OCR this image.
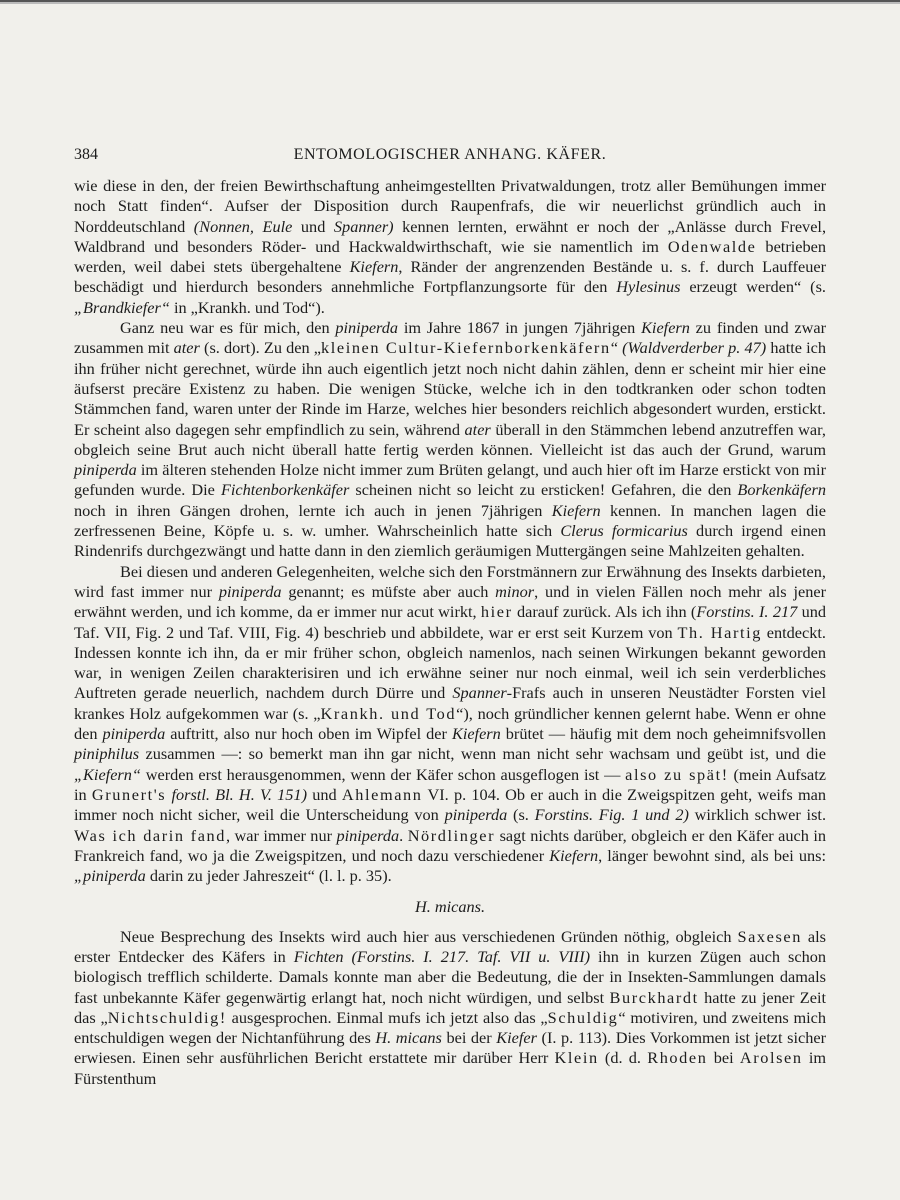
384	ENTOMOLOGISCHER ANHANG. KÄFER.

wie diese in den, der freien Bewirthschaftung anheimgestellten Privatwaldungen, trotz aller Bemühungen immer noch Statt finden“. Aufser der Disposition durch Raupenfrafs, die wir neuerlichst gründlich auch in Norddeutschland (Nonnen, Eule und Spanner) kennen lernten, erwähnt er noch der „Anlässe durch Frevel, Waldbrand und besonders Röder- und Hackwaldwirthschaft, wie sie namentlich im Odenwalde betrieben werden, weil dabei stets übergehaltene Kiefern, Ränder der angrenzenden Bestände u. s. f. durch Lauffeuer beschädigt und hierdurch besonders annehmliche Fortpflanzungsorte für den Hylesinus erzeugt werden“ (s. „Brandkiefer“ in „Krankh. und Tod“).

Ganz neu war es für mich, den piniperda im Jahre 1867 in jungen 7jährigen Kiefern zu finden und zwar zusammen mit ater (s. dort). Zu den „kleinen Cultur-Kiefernborkenkäfern“ (Waldverderber p. 47) hatte ich ihn früher nicht gerechnet, würde ihn auch eigentlich jetzt noch nicht dahin zählen, denn er scheint mir hier eine äufserst precäre Existenz zu haben. Die wenigen Stücke, welche ich in den todtkranken oder schon todten Stämmchen fand, waren unter der Rinde im Harze, welches hier besonders reichlich abgesondert wurden, erstickt. Er scheint also dagegen sehr empfindlich zu sein, während ater überall in den Stämmchen lebend anzutreffen war, obgleich seine Brut auch nicht überall hatte fertig werden können. Vielleicht ist das auch der Grund, warum piniperda im älteren stehenden Holze nicht immer zum Brüten gelangt, und auch hier oft im Harze erstickt von mir gefunden wurde. Die Fichtenborkenkäfer scheinen nicht so leicht zu ersticken! Gefahren, die den Borkenkäfern noch in ihren Gängen drohen, lernte ich auch in jenen 7jährigen Kiefern kennen. In manchen lagen die zerfressenen Beine, Köpfe u. s. w. umher. Wahrscheinlich hatte sich Clerus formicarius durch irgend einen Rindenrifs durchgezwängt und hatte dann in den ziemlich geräumigen Muttergängen seine Mahlzeiten gehalten.

Bei diesen und anderen Gelegenheiten, welche sich den Forstmännern zur Erwähnung des Insekts darbieten, wird fast immer nur piniperda genannt; es müfste aber auch minor, und in vielen Fällen noch mehr als jener erwähnt werden, und ich komme, da er immer nur acut wirkt, hier darauf zurück. Als ich ihn (Forstins. I. 217 und Taf. VII, Fig. 2 und Taf. VIII, Fig. 4) beschrieb und abbildete, war er erst seit Kurzem von Th. Hartig entdeckt. Indessen konnte ich ihn, da er mir früher schon, obgleich namenlos, nach seinen Wirkungen bekannt geworden war, in wenigen Zeilen charakterisiren und ich erwähne seiner nur noch einmal, weil ich sein verderbliches Auftreten gerade neuerlich, nachdem durch Dürre und Spanner-Frafs auch in unseren Neustädter Forsten viel krankes Holz aufgekommen war (s. „Krankh. und Tod“), noch gründlicher kennen gelernt habe. Wenn er ohne den piniperda auftritt, also nur hoch oben im Wipfel der Kiefern brütet — häufig mit dem noch geheimnifsvollen piniphilus zusammen —: so bemerkt man ihn gar nicht, wenn man nicht sehr wachsam und geübt ist, und die „Kiefern“ werden erst herausgenommen, wenn der Käfer schon ausgeflogen ist — also zu spät! (mein Aufsatz in Grunert's forstl. Bl. H. V. 151) und Ahlemann VI. p. 104. Ob er auch in die Zweigspitzen geht, weifs man immer noch nicht sicher, weil die Unterscheidung von piniperda (s. Forstins. Fig. 1 und 2) wirklich schwer ist. Was ich darin fand, war immer nur piniperda. Nördlinger sagt nichts darüber, obgleich er den Käfer auch in Frankreich fand, wo ja die Zweigspitzen, und noch dazu verschiedener Kiefern, länger bewohnt sind, als bei uns: „piniperda darin zu jeder Jahreszeit“ (l. l. p. 35).

H. micans.

Neue Besprechung des Insekts wird auch hier aus verschiedenen Gründen nöthig, obgleich Saxesen als erster Entdecker des Käfers in Fichten (Forstins. I. 217. Taf. VII u. VIII) ihn in kurzen Zügen auch schon biologisch trefflich schilderte. Damals konnte man aber die Bedeutung, die der in Insekten-Sammlungen damals fast unbekannte Käfer gegenwärtig erlangt hat, noch nicht würdigen, und selbst Burckhardt hatte zu jener Zeit das „Nichtschuldig! ausgesprochen. Einmal mufs ich jetzt also das „Schuldig“ motiviren, und zweitens mich entschuldigen wegen der Nichtanführung des H. micans bei der Kiefer (I. p. 113). Dies Vorkommen ist jetzt sicher erwiesen. Einen sehr ausführlichen Bericht erstattete mir darüber Herr Klein (d. d. Rhoden bei Arolsen im Fürstenthum
